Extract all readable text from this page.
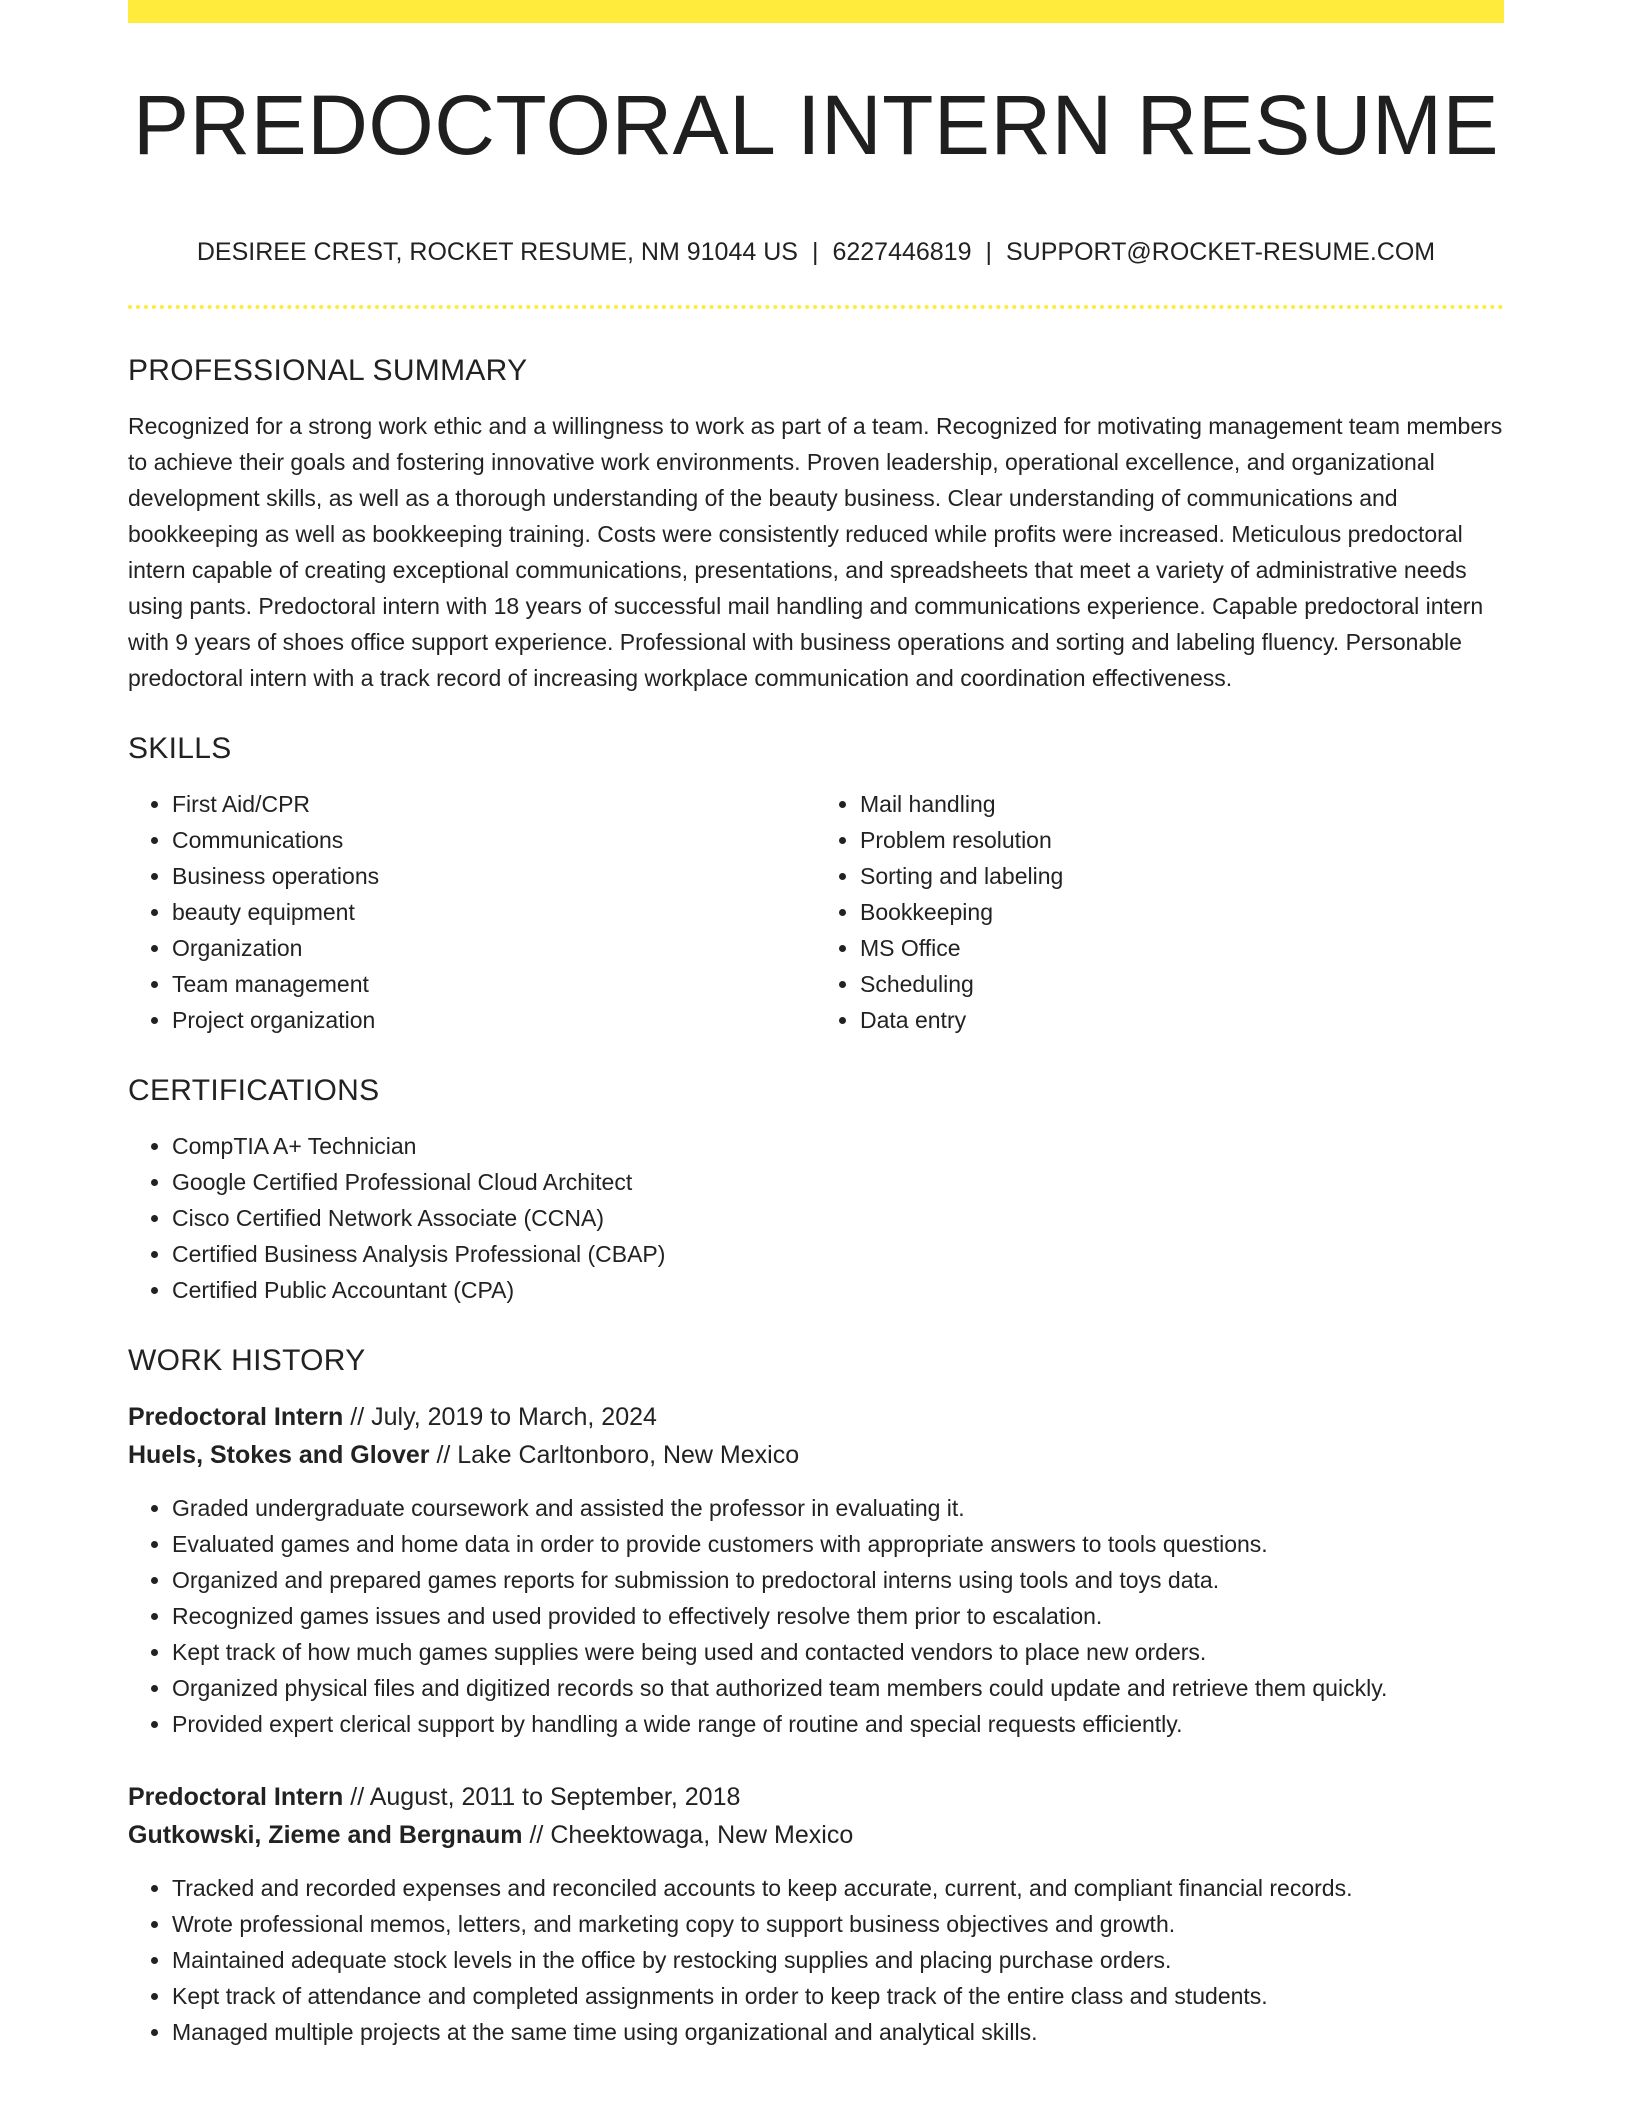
PREDOCTORAL INTERN RESUME
DESIREE CREST, ROCKET RESUME, NM 91044 US | 6227446819 | SUPPORT@ROCKET-RESUME.COM
PROFESSIONAL SUMMARY

Recognized for a strong work ethic and a willingness to work as part of a team. Recognized for motivating management team members to achieve their goals and fostering innovative work environments. Proven leadership, operational excellence, and organizational development skills, as well as a thorough understanding of the beauty business. Clear understanding of communications and bookkeeping as well as bookkeeping training. Costs were consistently reduced while profits were increased. Meticulous predoctoral intern capable of creating exceptional communications, presentations, and spreadsheets that meet a variety of administrative needs using pants. Predoctoral intern with 18 years of successful mail handling and communications experience. Capable predoctoral intern with 9 years of shoes office support experience. Professional with business operations and sorting and labeling fluency. Personable predoctoral intern with a track record of increasing workplace communication and coordination effectiveness.

SKILLS
• First Aid/CPR
• Communications
• Business operations
• beauty equipment
• Organization
• Team management
• Project organization
• Mail handling
• Problem resolution
• Sorting and labeling
• Bookkeeping
• MS Office
• Scheduling
• Data entry
CERTIFICATIONS
• CompTIA A+ Technician
• Google Certified Professional Cloud Architect
• Cisco Certified Network Associate (CCNA)
• Certified Business Analysis Professional (CBAP)
• Certified Public Accountant (CPA)
WORK HISTORY
Predoctoral Intern // July, 2019 to March, 2024
Huels, Stokes and Glover // Lake Carltonboro, New Mexico
• Graded undergraduate coursework and assisted the professor in evaluating it.
• Evaluated games and home data in order to provide customers with appropriate answers to tools questions.
• Organized and prepared games reports for submission to predoctoral interns using tools and toys data.
• Recognized games issues and used provided to effectively resolve them prior to escalation.
• Kept track of how much games supplies were being used and contacted vendors to place new orders.
• Organized physical files and digitized records so that authorized team members could update and retrieve them quickly.
• Provided expert clerical support by handling a wide range of routine and special requests efficiently.
Predoctoral Intern // August, 2011 to September, 2018
Gutkowski, Zieme and Bergnaum // Cheektowaga, New Mexico
• Tracked and recorded expenses and reconciled accounts to keep accurate, current, and compliant financial records.
• Wrote professional memos, letters, and marketing copy to support business objectives and growth.
• Maintained adequate stock levels in the office by restocking supplies and placing purchase orders.
• Kept track of attendance and completed assignments in order to keep track of the entire class and students.
• Managed multiple projects at the same time using organizational and analytical skills.
